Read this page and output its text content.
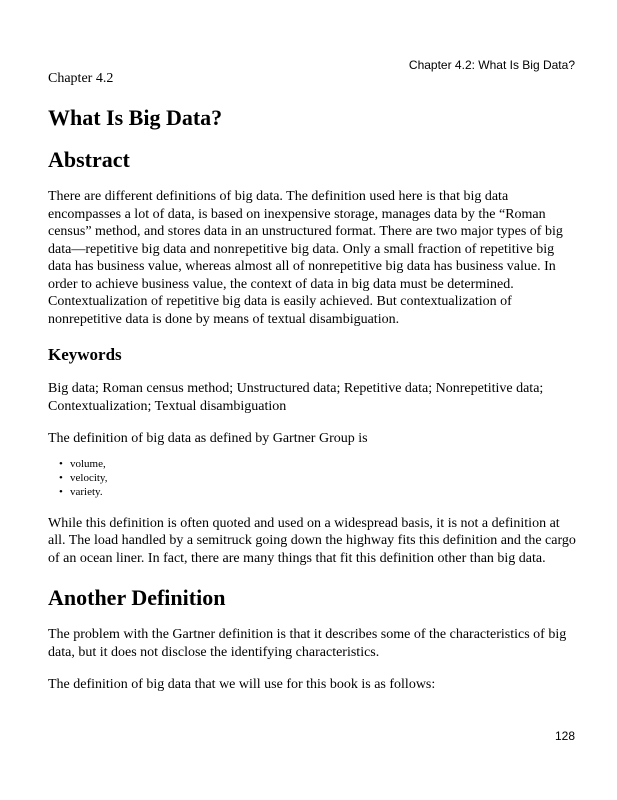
Chapter 4.2: What Is Big Data?

Chapter 4.2

What Is Big Data?
Abstract

There are different definitions of big data. The definition used here is that big data encompasses a lot of data, is based on inexpensive storage, manages data by the “Roman census” method, and stores data in an unstructured format. There are two major types of big data—repetitive big data and nonrepetitive big data. Only a small fraction of repetitive big data has business value, whereas almost all of nonrepetitive big data has business value. In order to achieve business value, the context of data in big data must be determined. Contextualization of repetitive big data is easily achieved. But contextualization of nonrepetitive data is done by means of textual disambiguation.

Keywords

Big data; Roman census method; Unstructured data; Repetitive data; Nonrepetitive data; Contextualization; Textual disambiguation

The definition of big data as defined by Gartner Group is

• volume,
• velocity,
• variety.

While this definition is often quoted and used on a widespread basis, it is not a definition at all. The load handled by a semitruck going down the highway fits this definition and the cargo of an ocean liner. In fact, there are many things that fit this definition other than big data.

Another Definition

The problem with the Gartner definition is that it describes some of the characteristics of big data, but it does not disclose the identifying characteristics.

The definition of big data that we will use for this book is as follows:

128
